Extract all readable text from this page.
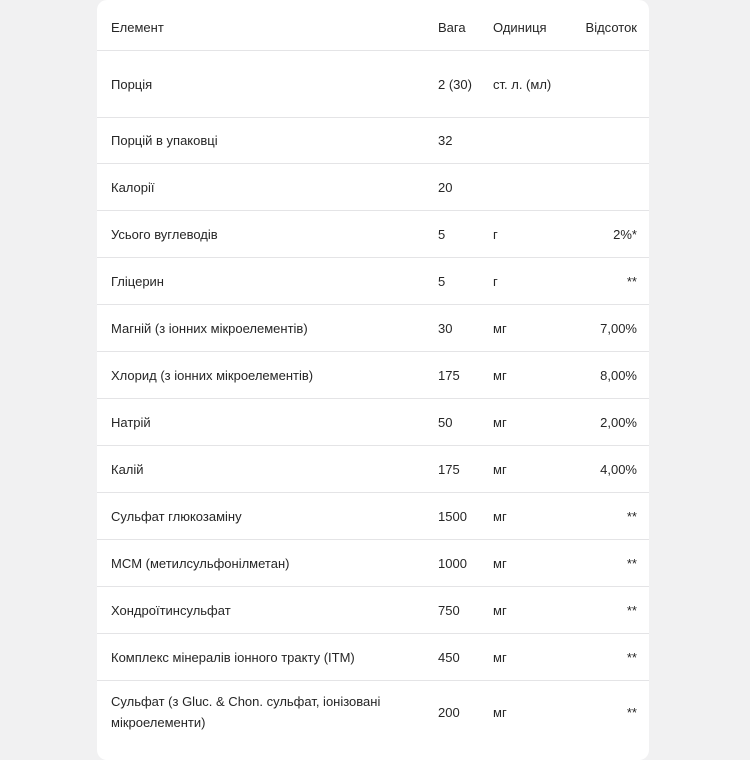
Елемент	Вага	Одиниця	Відсоток
Порція	2 (30)	ст. л. (мл)	
Порцій в упаковці	32		
Калорії	20		
Усього вуглеводів	5	г	2%*
Гліцерин	5	г	**
Магній (з іонних мікроелементів)	30	мг	7,00%
Хлорид (з іонних мікроелементів)	175	мг	8,00%
Натрій	50	мг	2,00%
Калій	175	мг	4,00%
Сульфат глюкозаміну	1500	мг	**
MCM (метилсульфонілметан)	1000	мг	**
Хондроїтинсульфат	750	мг	**
Комплекс мінералів іонного тракту (ITM)	450	мг	**
Сульфат (з Gluc. & Chon. сульфат, іонізовані мікроелементи)	200	мг	**
